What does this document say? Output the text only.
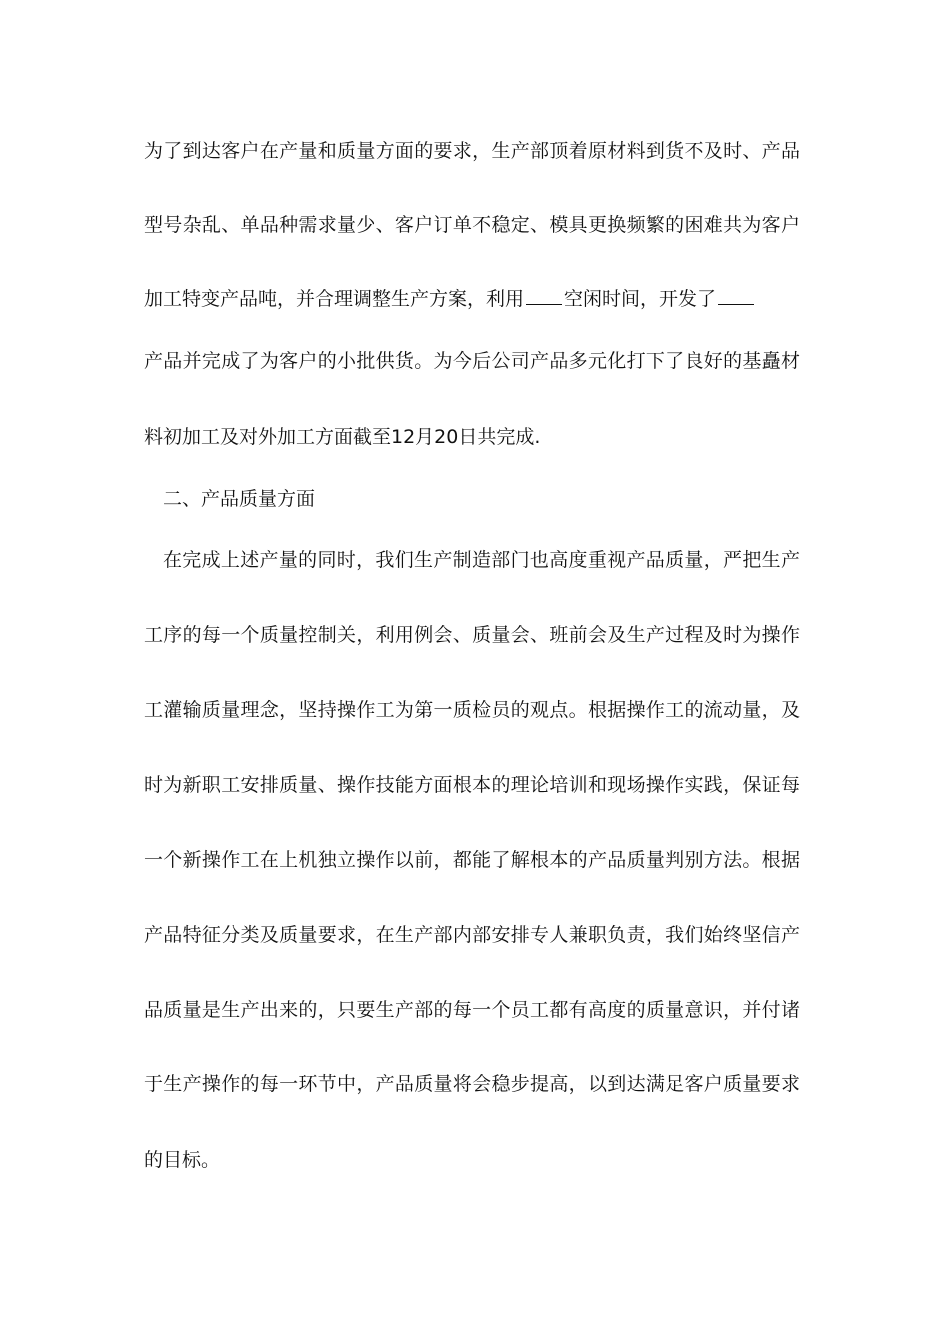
为了到达客户在产量和质量方面的要求，生产部顶着原材料到货不及时、产品
型号杂乱、单品种需求量少、客户订单不稳定、模具更换频繁的困难共为客户
加工特变产品吨，并合理调整生产方案，利用 空闲时间，开发了
产品并完成了为客户的小批供货。为今后公司产品多元化打下了良好的基矗材
料初加工及对外加工方面截至12月20日共完成.
二、产品质量方面
在完成上述产量的同时，我们生产制造部门也高度重视产品质量，严把生产
工序的每一个质量控制关，利用例会、质量会、班前会及生产过程及时为操作
工灌输质量理念，坚持操作工为第一质检员的观点。根据操作工的流动量，及
时为新职工安排质量、操作技能方面根本的理论培训和现场操作实践，保证每
一个新操作工在上机独立操作以前，都能了解根本的产品质量判别方法。根据
产品特征分类及质量要求，在生产部内部安排专人兼职负责，我们始终坚信产
品质量是生产出来的，只要生产部的每一个员工都有高度的质量意识，并付诸
于生产操作的每一环节中，产品质量将会稳步提高，以到达满足客户质量要求
的目标。
